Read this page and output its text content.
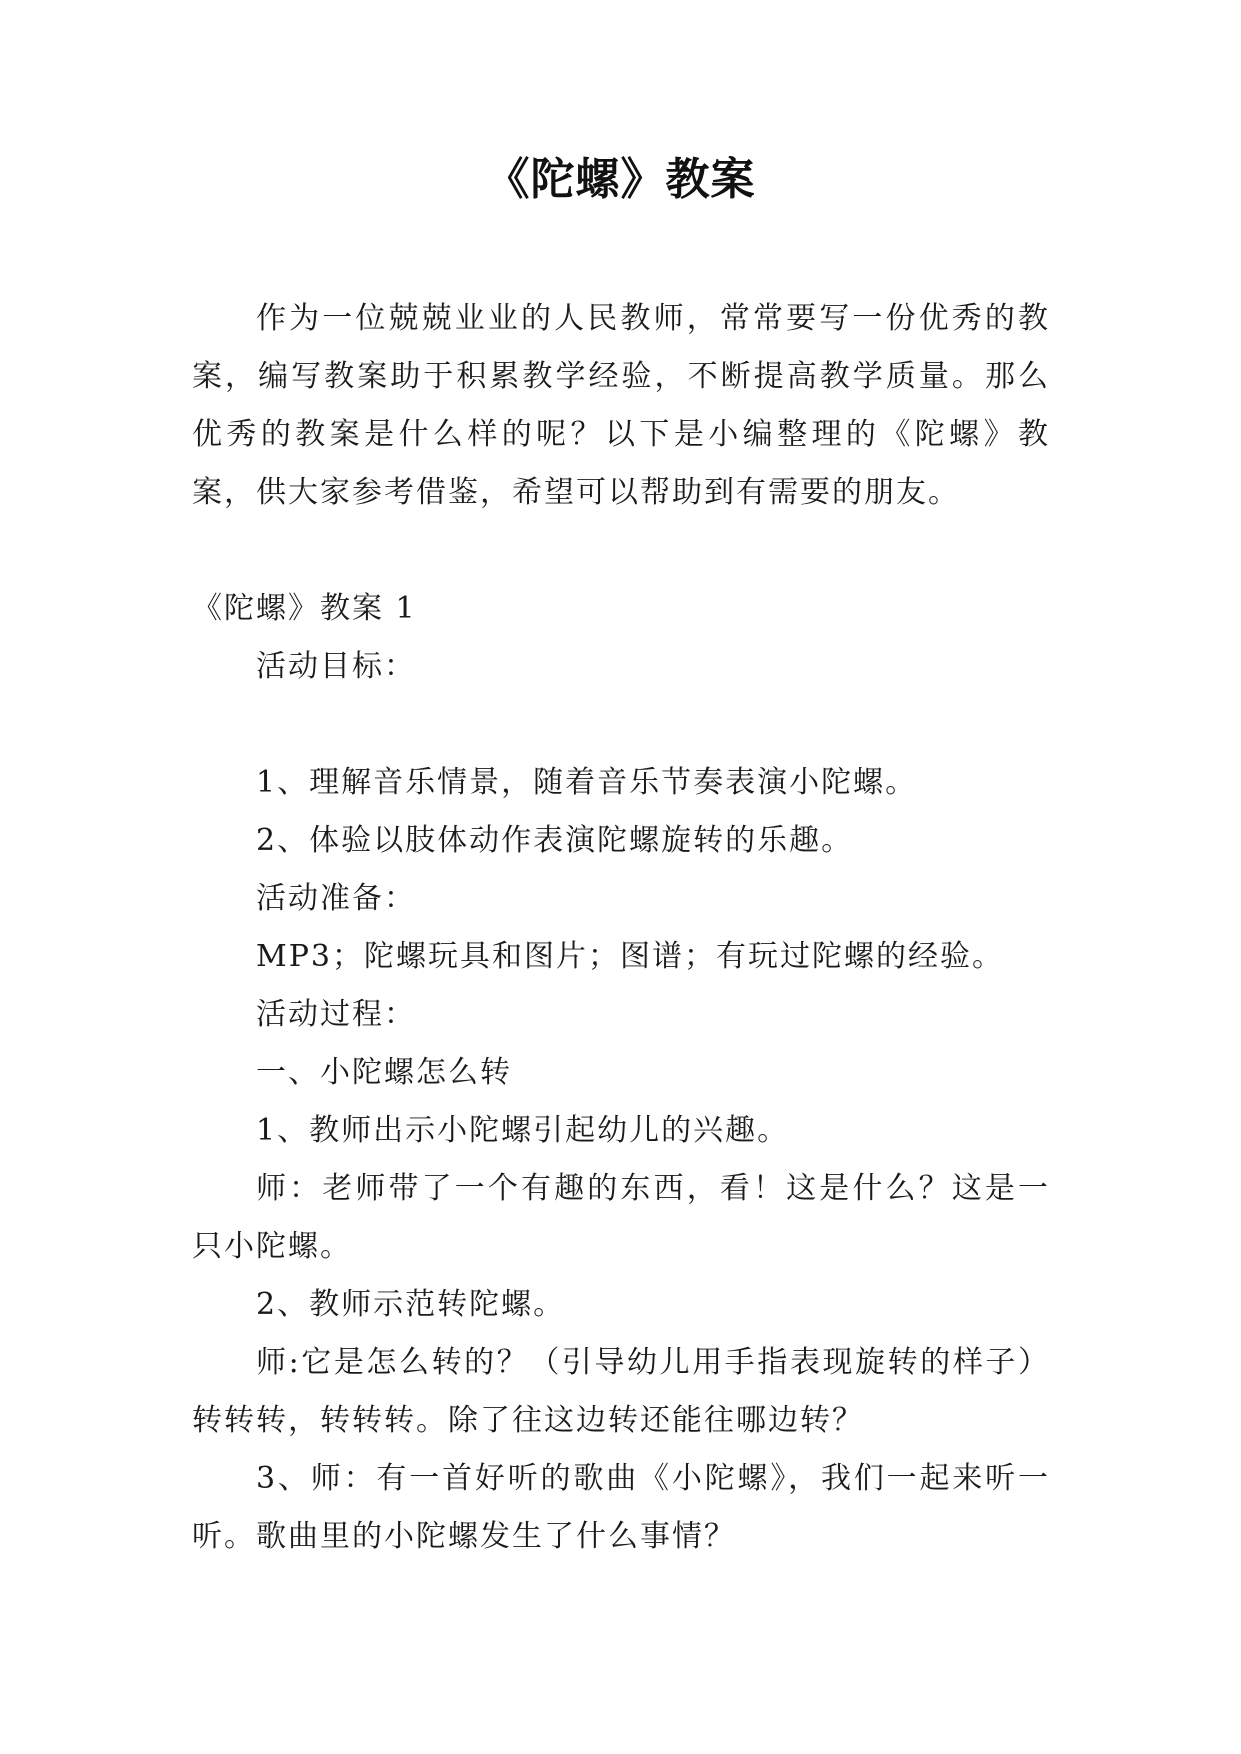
《陀螺》教案

作为一位兢兢业业的人民教师，常常要写一份优秀的教案，编写教案助于积累教学经验，不断提高教学质量。那么优秀的教案是什么样的呢？以下是小编整理的《陀螺》教案，供大家参考借鉴，希望可以帮助到有需要的朋友。

《陀螺》教案 1

活动目标：

1、理解音乐情景，随着音乐节奏表演小陀螺。

2、体验以肢体动作表演陀螺旋转的乐趣。

活动准备：

MP3；陀螺玩具和图片；图谱；有玩过陀螺的经验。

活动过程：

一、小陀螺怎么转

1、教师出示小陀螺引起幼儿的兴趣。

师：老师带了一个有趣的东西，看！这是什么？这是一只小陀螺。

2、教师示范转陀螺。

师:它是怎么转的？（引导幼儿用手指表现旋转的样子）转转转，转转转。除了往这边转还能往哪边转？

3、师：有一首好听的歌曲《小陀螺》，我们一起来听一听。歌曲里的小陀螺发生了什么事情？
